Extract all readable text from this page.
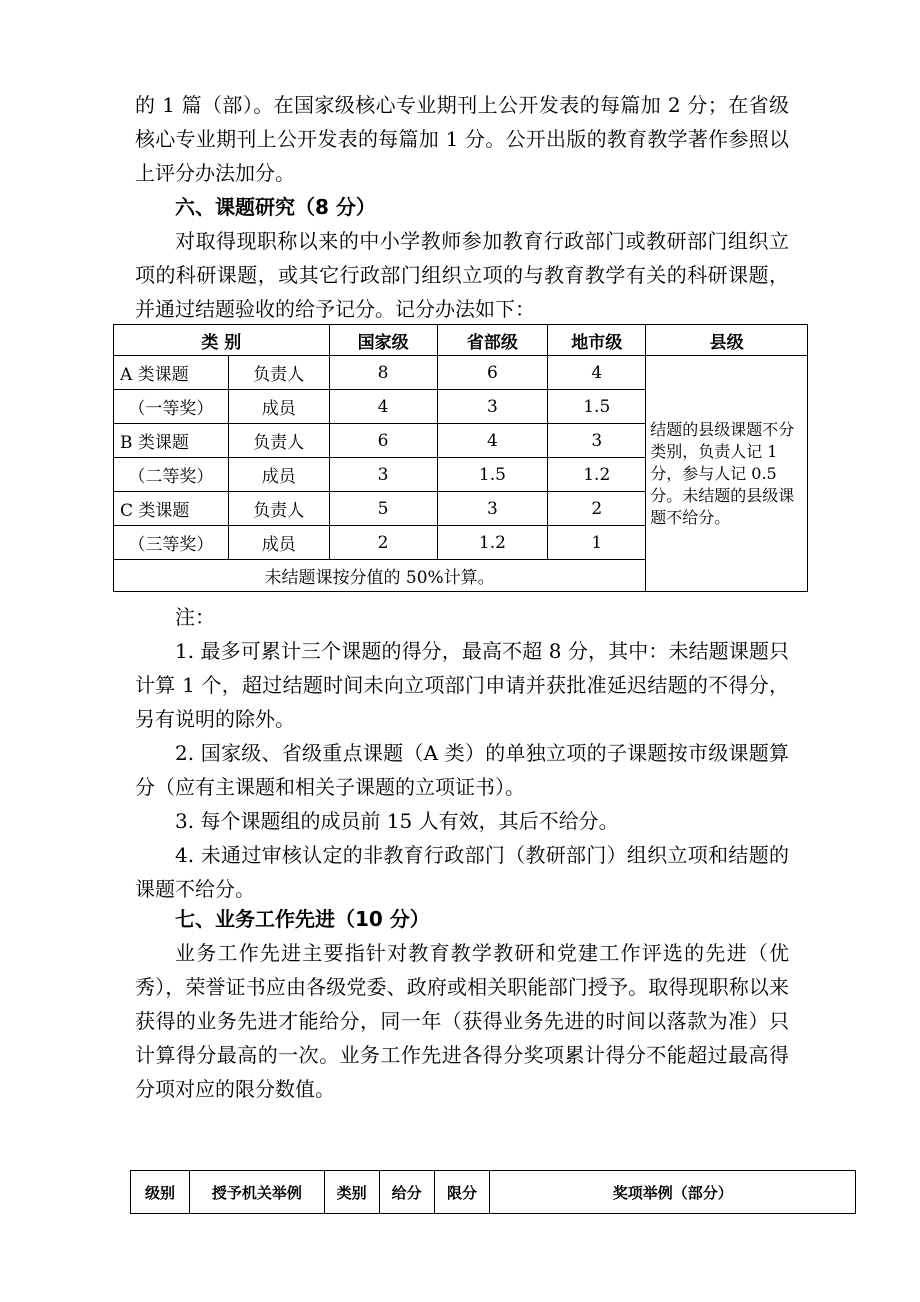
的 1 篇（部）。在国家级核心专业期刊上公开发表的每篇加 2 分；在省级核心专业期刊上公开发表的每篇加 1 分。公开出版的教育教学著作参照以上评分办法加分。

六、课题研究（8 分）

对取得现职称以来的中小学教师参加教育行政部门或教研部门组织立项的科研课题，或其它行政部门组织立项的与教育教学有关的科研课题，并通过结题验收的给予记分。记分办法如下：

类 别		国家级	省部级	地市级	县级
A 类课题	负责人	8	6	4	结题的县级课题不分类别，负责人记 1 分，参与人记 0.5 分。未结题的县级课题不给分。
（一等奖）	成员	4	3	1.5	
B 类课题	负责人	6	4	3	
（二等奖）	成员	3	1.5	1.2	
C 类课题	负责人	5	3	2	
（三等奖）	成员	2	1.2	1	
未结题课按分值的 50%计算。					

注：

1. 最多可累计三个课题的得分，最高不超 8 分，其中：未结题课题只计算 1 个，超过结题时间未向立项部门申请并获批准延迟结题的不得分，另有说明的除外。

2. 国家级、省级重点课题（A 类）的单独立项的子课题按市级课题算分（应有主课题和相关子课题的立项证书）。

3. 每个课题组的成员前 15 人有效，其后不给分。

4. 未通过审核认定的非教育行政部门（教研部门）组织立项和结题的课题不给分。

七、业务工作先进（10 分）

业务工作先进主要指针对教育教学教研和党建工作评选的先进（优秀），荣誉证书应由各级党委、政府或相关职能部门授予。取得现职称以来获得的业务先进才能给分，同一年（获得业务先进的时间以落款为准）只计算得分最高的一次。业务工作先进各得分奖项累计得分不能超过最高得分项对应的限分数值。

级别	授予机关举例	类别	给分	限分	奖项举例（部分）
